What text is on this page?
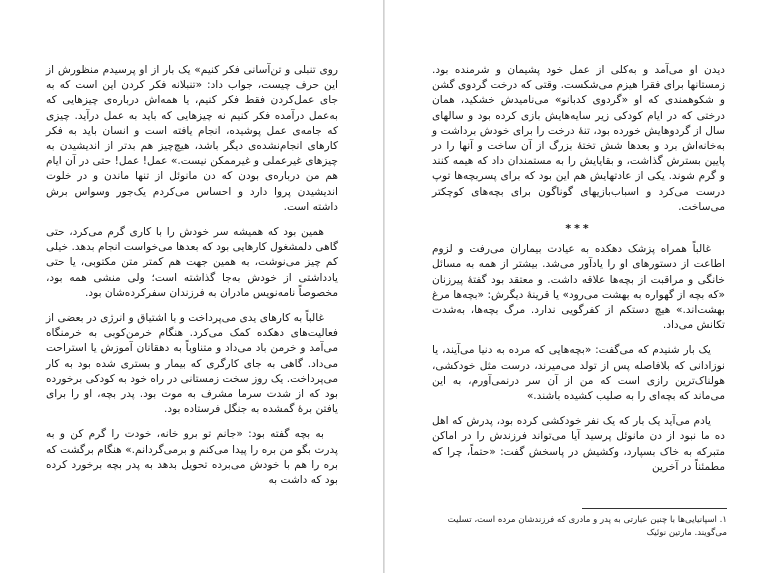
روی تنبلی و تن‌آسانی فکر کنیم» یک بار از او پرسیدم منظورش از این حرف چیست، جواب داد: «تنبلانه فکر کردن این است که به جای عمل‌کردن فقط فکر کنیم، یا همه‌اش درباره‌ی چیزهایی که به‌عمل درآمده فکر کنیم نه چیزهایی که باید به عمل درآید. چیزی که جامه‌ی عمل پوشیده، انجام یافته است و انسان باید به فکر کارهای انجام‌نشده‌ی دیگر باشد، هیچ‌چیز هم بدتر از اندیشیدن به چیزهای غیرعملی و غیرممکن نیست.» عمل! عمل! حتی در آن ایام هم من درباره‌ی بودن که دن مانوئل از تنها ماندن و در خلوت اندیشیدن پروا دارد و احساس می‌کردم یک‌جور وسواس برش داشته است.

همین بود که همیشه سر خودش را با کاری گرم می‌کرد، حتی گاهی دلمشغول کارهایی بود که بعدها می‌خواست انجام بدهد. خیلی کم چیز می‌نوشت، به همین جهت هم کمتر متن مکتوبی، یا حتی یادداشتی از خودش به‌جا گذاشته است؛ ولی منشی همه بود، مخصوصاً نامه‌نویس مادران به فرزندان سفرکرده‌شان بود.

غالباً به کارهای یدی می‌پرداخت و با اشتیاق و انرژی در بعضی از فعالیت‌های دهکده کمک می‌کرد. هنگام خرمن‌کوبی به خرمنگاه می‌آمد و خرمن باد می‌داد و متناوباً به دهقانان آموزش یا استراحت می‌داد. گاهی به جای کارگری که بیمار و بستری شده بود به کار می‌پرداخت. یک روز سخت زمستانی در راه خود به کودکی برخورده بود که از شدت سرما مشرف به موت بود. پدر بچه، او را برای یافتن برهٔ گمشده به جنگل فرستاده بود.

به بچه گفته بود: «جانم تو برو خانه، خودت را گرم کن و به پدرت بگو من بره را پیدا می‌کنم و برمی‌گردانم.» هنگام برگشت که بره را هم با خودش می‌برده تحویل بدهد به پدر بچه برخورد کرده بود که داشت به

دیدن او می‌آمد و به‌کلی از عمل خود پشیمان و شرمنده بود. زمستانها برای فقرا هیزم می‌شکست. وقتی که درخت گردوی گشن و شکوهمندی که او «گردوی کدبانو» می‌نامیدش خشکید، همان درختی که در ایام کودکی زیر سایه‌هایش بازی کرده بود و سالهای سال از گردوهایش خورده بود، تنهٔ درخت را برای خودش برداشت و به‌خانه‌اش برد و بعدها شش تختهٔ بزرگ از آن ساخت و آنها را در پایین بسترش گذاشت، و بقایایش را به مستمندان داد که هیمه کنند و گرم شوند. یکی از عادتهایش هم این بود که برای پسربچه‌ها توپ درست می‌کرد و اسباب‌بازیهای گوناگون برای بچه‌های کوچکتر می‌ساخت.

***

غالباً همراه پزشک دهکده به عیادت بیماران می‌رفت و لزوم اطاعت از دستورهای او را یادآور می‌شد. بیشتر از همه به مسائل خانگی و مراقبت از بچه‌ها علاقه داشت. و معتقد بود گفتهٔ پیرزنان «که بچه از گهواره به بهشت می‌رود» یا قرینهٔ دیگرش: «بچه‌ها مرغ بهشت‌اند.» هیچ دستکم از کفرگویی ندارد. مرگ بچه‌ها، به‌شدت تکانش می‌داد.

یک بار شنیدم که می‌گفت: «بچه‌هایی که مرده به دنیا می‌آیند، یا نوزادانی که بلافاصله پس از تولد می‌میرند، درست مثل خودکشی، هولناک‌ترین رازی است که من از آن سر درنمی‌آورم، به این می‌ماند که بچه‌ای را به صلیب کشیده باشند.»

یادم می‌آید یک بار که یک نفر خودکشی کرده بود، پدرش که اهل ده ما نبود از دن مانوئل پرسید آیا می‌تواند فرزندش را در اماکن متبرکه به خاک بسپارد، وکشیش در پاسخش گفت: «حتماً، چرا که مطمئناً در آخرین

۱. اسپانیایی‌ها با چنین عبارتی به پدر و مادری که فرزندشان مرده است، تسلیت می‌گویند. مارتین نوئیک
